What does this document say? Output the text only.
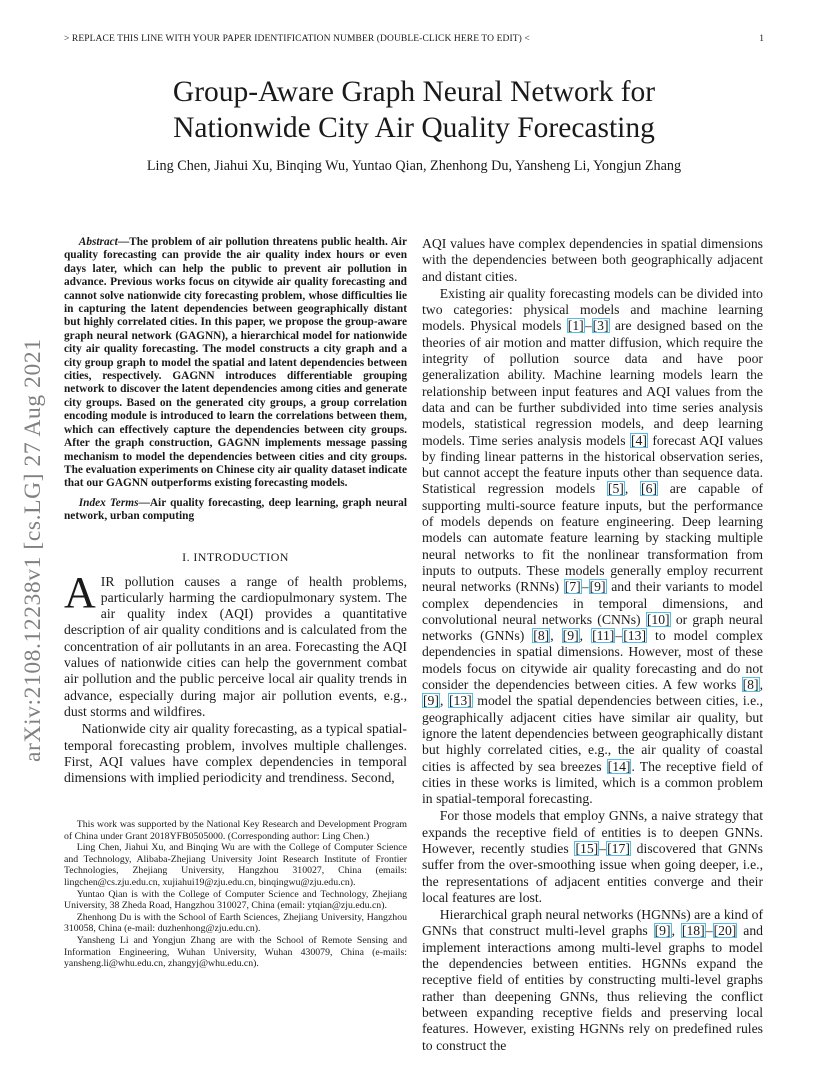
> REPLACE THIS LINE WITH YOUR PAPER IDENTIFICATION NUMBER (DOUBLE-CLICK HERE TO EDIT) <	1
Group-Aware Graph Neural Network for
Nationwide City Air Quality Forecasting
Ling Chen, Jiahui Xu, Binqing Wu, Yuntao Qian, Zhenhong Du, Yansheng Li, Yongjun Zhang
arXiv:2108.12238v1 [cs.LG] 27 Aug 2021

Abstract—The problem of air pollution threatens public health. Air quality forecasting can provide the air quality index hours or even days later, which can help the public to prevent air pollution in advance. Previous works focus on citywide air quality forecasting and cannot solve nationwide city forecasting problem, whose difficulties lie in capturing the latent dependencies between geographically distant but highly correlated cities. In this paper, we propose the group-aware graph neural network (GAGNN), a hierarchical model for nationwide city air quality forecasting. The model constructs a city graph and a city group graph to model the spatial and latent dependencies between cities, respectively. GAGNN introduces differentiable grouping network to discover the latent dependencies among cities and generate city groups. Based on the generated city groups, a group correlation encoding module is introduced to learn the correlations between them, which can effectively capture the dependencies between city groups. After the graph construction, GAGNN implements message passing mechanism to model the dependencies between cities and city groups. The evaluation experiments on Chinese city air quality dataset indicate that our GAGNN outperforms existing forecasting models.

Index Terms—Air quality forecasting, deep learning, graph neural network, urban computing

I. INTRODUCTION

AIR pollution causes a range of health problems, particularly harming the cardiopulmonary system. The air quality index (AQI) provides a quantitative description of air quality conditions and is calculated from the concentration of air pollutants in an area. Forecasting the AQI values of nationwide cities can help the government combat air pollution and the public perceive local air quality trends in advance, especially during major air pollution events, e.g., dust storms and wildfires.

Nationwide city air quality forecasting, as a typical spatial-temporal forecasting problem, involves multiple challenges. First, AQI values have complex dependencies in temporal dimensions with implied periodicity and trendiness. Second,

This work was supported by the National Key Research and Development Program of China under Grant 2018YFB0505000. (Corresponding author: Ling Chen.)

Ling Chen, Jiahui Xu, and Binqing Wu are with the College of Computer Science and Technology, Alibaba-Zhejiang University Joint Research Institute of Frontier Technologies, Zhejiang University, Hangzhou 310027, China (emails: lingchen@cs.zju.edu.cn, xujiahui19@zju.edu.cn, binqingwu@zju.edu.cn).

Yuntao Qian is with the College of Computer Science and Technology, Zhejiang University, 38 Zheda Road, Hangzhou 310027, China (email: ytqian@zju.edu.cn).

Zhenhong Du is with the School of Earth Sciences, Zhejiang University, Hangzhou 310058, China (e-mail: duzhenhong@zju.edu.cn).

Yansheng Li and Yongjun Zhang are with the School of Remote Sensing and Information Engineering, Wuhan University, Wuhan 430079, China (e-mails: yansheng.li@whu.edu.cn, zhangyj@whu.edu.cn).

AQI values have complex dependencies in spatial dimensions with the dependencies between both geographically adjacent and distant cities.

Existing air quality forecasting models can be divided into two categories: physical models and machine learning models. Physical models [1]–[3] are designed based on the theories of air motion and matter diffusion, which require the integrity of pollution source data and have poor generalization ability. Machine learning models learn the relationship between input features and AQI values from the data and can be further subdivided into time series analysis models, statistical regression models, and deep learning models. Time series analysis models [4] forecast AQI values by finding linear patterns in the historical observation series, but cannot accept the feature inputs other than sequence data. Statistical regression models [5], [6] are capable of supporting multi-source feature inputs, but the performance of models depends on feature engineering. Deep learning models can automate feature learning by stacking multiple neural networks to fit the nonlinear transformation from inputs to outputs. These models generally employ recurrent neural networks (RNNs) [7]–[9] and their variants to model complex dependencies in temporal dimensions, and convolutional neural networks (CNNs) [10] or graph neural networks (GNNs) [8], [9], [11]–[13] to model complex dependencies in spatial dimensions. However, most of these models focus on citywide air quality forecasting and do not consider the dependencies between cities. A few works [8], [9], [13] model the spatial dependencies between cities, i.e., geographically adjacent cities have similar air quality, but ignore the latent dependencies between geographically distant but highly correlated cities, e.g., the air quality of coastal cities is affected by sea breezes [14]. The receptive field of cities in these works is limited, which is a common problem in spatial-temporal forecasting.

For those models that employ GNNs, a naive strategy that expands the receptive field of entities is to deepen GNNs. However, recently studies [15]–[17] discovered that GNNs suffer from the over-smoothing issue when going deeper, i.e., the representations of adjacent entities converge and their local features are lost.

Hierarchical graph neural networks (HGNNs) are a kind of GNNs that construct multi-level graphs [9], [18]–[20] and implement interactions among multi-level graphs to model the dependencies between entities. HGNNs expand the receptive field of entities by constructing multi-level graphs rather than deepening GNNs, thus relieving the conflict between expanding receptive fields and preserving local features. However, existing HGNNs rely on predefined rules to construct the
